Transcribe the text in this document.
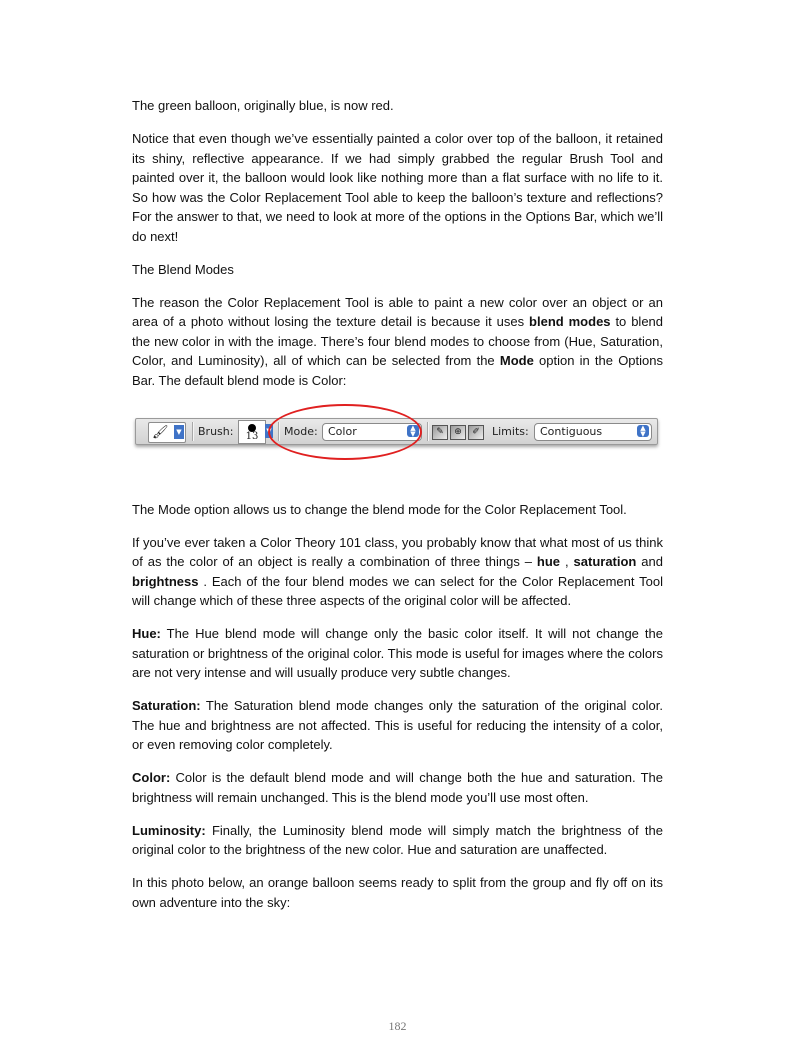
The green balloon, originally blue, is now red.

Notice that even though we’ve essentially painted a color over top of the balloon, it retained its shiny, reflective appearance. If we had simply grabbed the regular Brush Tool and painted over it, the balloon would look like nothing more than a flat surface with no life to it. So how was the Color Replacement Tool able to keep the balloon’s texture and reflections? For the answer to that, we need to look at more of the options in the Options Bar, which we’ll do next!

The Blend Modes

The reason the Color Replacement Tool is able to paint a new color over an object or an area of a photo without losing the texture detail is because it uses blend modes to blend the new color in with the image. There’s four blend modes to choose from (Hue, Saturation, Color, and Luminosity), all of which can be selected from the Mode option in the Options Bar. The default blend mode is Color:

🖌	▼ Brush:	13	▼ Mode: Color	▲
▼	✎	⊕	✐	Limits: Contiguous	▲
▼

The Mode option allows us to change the blend mode for the Color Replacement Tool.

If you’ve ever taken a Color Theory 101 class, you probably know that what most of us think of as the color of an object is really a combination of three things – hue , saturation and brightness . Each of the four blend modes we can select for the Color Replacement Tool will change which of these three aspects of the original color will be affected.

Hue: The Hue blend mode will change only the basic color itself. It will not change the saturation or brightness of the original color. This mode is useful for images where the colors are not very intense and will usually produce very subtle changes.

Saturation: The Saturation blend mode changes only the saturation of the original color. The hue and brightness are not affected. This is useful for reducing the intensity of a color, or even removing color completely.

Color: Color is the default blend mode and will change both the hue and saturation. The brightness will remain unchanged. This is the blend mode you’ll use most often.

Luminosity: Finally, the Luminosity blend mode will simply match the brightness of the original color to the brightness of the new color. Hue and saturation are unaffected.

In this photo below, an orange balloon seems ready to split from the group and fly off on its own adventure into the sky:

182
